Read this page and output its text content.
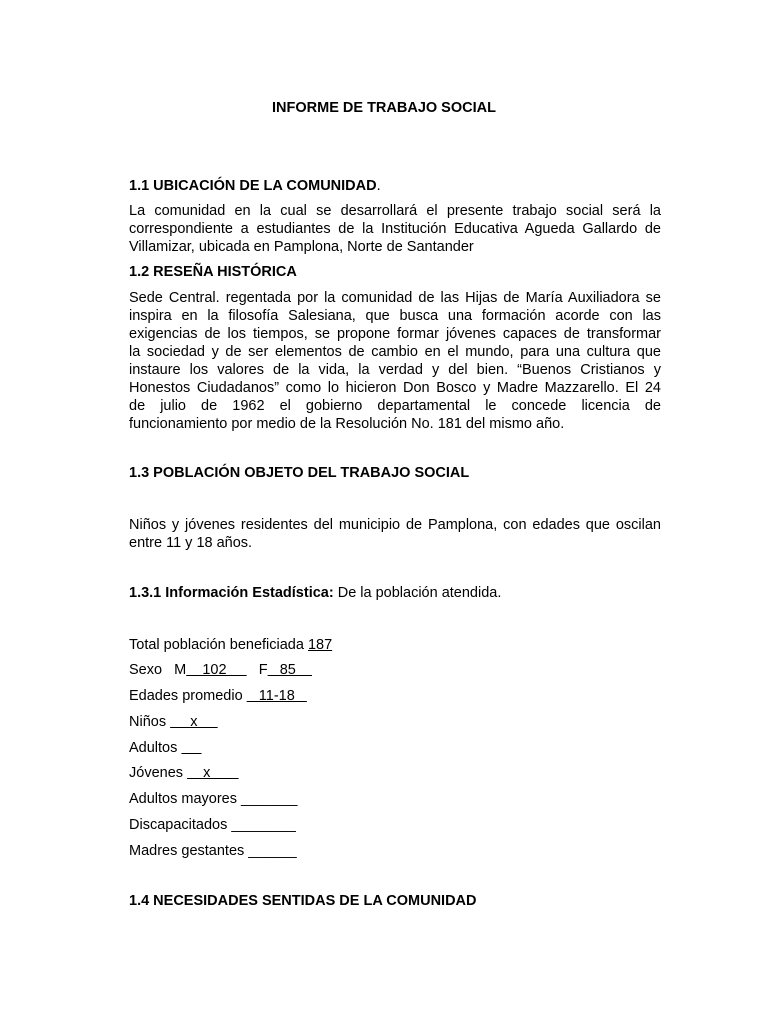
INFORME DE TRABAJO SOCIAL

1.1 UBICACIÓN DE LA COMUNIDAD.

La comunidad en la cual se desarrollará el presente trabajo social será la
correspondiente a estudiantes de la Institución Educativa Agueda Gallardo de
Villamizar, ubicada en Pamplona, Norte de Santander

1.2 RESEÑA HISTÓRICA

Sede Central. regentada por la comunidad de las Hijas de María Auxiliadora se
inspira en la filosofía Salesiana, que busca una formación acorde con las
exigencias de los tiempos, se propone formar jóvenes capaces de transformar
la sociedad y de ser elementos de cambio en el mundo, para una cultura que
instaure los valores de la vida, la verdad y del bien. “Buenos Cristianos y
Honestos Ciudadanos” como lo hicieron Don Bosco y Madre Mazzarello. El 24
de julio de 1962 el gobierno departamental le concede licencia de
funcionamiento por medio de la Resolución No. 181 del mismo año.

1.3 POBLACIÓN OBJETO DEL TRABAJO SOCIAL

Niños y jóvenes residentes del municipio de Pamplona, con edades que oscilan
entre 11 y 18 años.

1.3.1 Información Estadística: De la población atendida.

Total población beneficiada 187

Sexo   M    102        F   85

Edades promedio    11-18

Niños      x

Adultos

Jóvenes     x

Adultos mayores _______

Discapacitados ________

Madres gestantes ______

1.4 NECESIDADES SENTIDAS DE LA COMUNIDAD
